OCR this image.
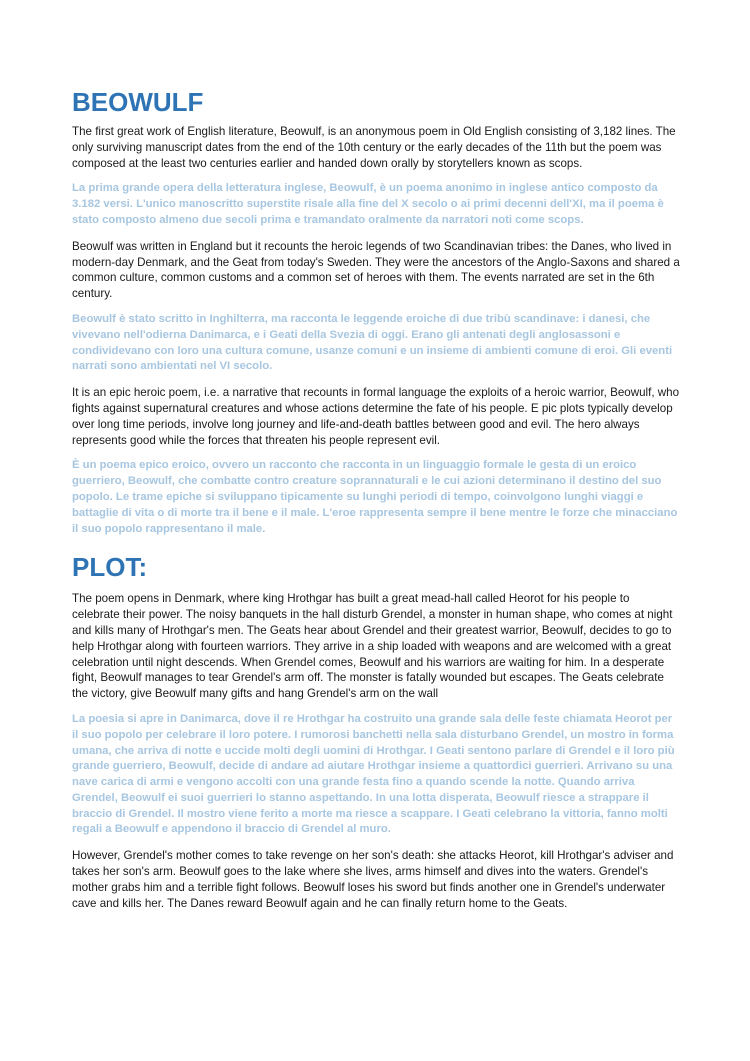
BEOWULF

The first great work of English literature, Beowulf, is an anonymous poem in Old English consisting of 3,182 lines. The only surviving manuscript dates from the end of the 10th century or the early decades of the 11th but the poem was composed at the least two centuries earlier and handed down orally by storytellers known as scops.

La prima grande opera della letteratura inglese, Beowulf, è un poema anonimo in inglese antico composto da 3.182 versi. L'unico manoscritto superstite risale alla fine del X secolo o ai primi decenni dell'XI, ma il poema è stato composto almeno due secoli prima e tramandato oralmente da narratori noti come scops.

Beowulf was written in England but it recounts the heroic legends of two Scandinavian tribes: the Danes, who lived in modern-day Denmark, and the Geat from today's Sweden. They were the ancestors of the Anglo-Saxons and shared a common culture, common customs and a common set of heroes with them. The events narrated are set in the 6th century.

Beowulf è stato scritto in Inghilterra, ma racconta le leggende eroiche di due tribù scandinave: i danesi, che vivevano nell'odierna Danimarca, e i Geati della Svezia di oggi. Erano gli antenati degli anglosassoni e condividevano con loro una cultura comune, usanze comuni e un insieme di ambienti comune di eroi. Gli eventi narrati sono ambientati nel VI secolo.

It is an epic heroic poem, i.e. a narrative that recounts in formal language the exploits of a heroic warrior, Beowulf, who fights against supernatural creatures and whose actions determine the fate of his people. E pic plots typically develop over long time periods, involve long journey and life-and-death battles between good and evil. The hero always represents good while the forces that threaten his people represent evil.

È un poema epico eroico, ovvero un racconto che racconta in un linguaggio formale le gesta di un eroico guerriero, Beowulf, che combatte contro creature soprannaturali e le cui azioni determinano il destino del suo popolo. Le trame epiche si sviluppano tipicamente su lunghi periodi di tempo, coinvolgono lunghi viaggi e battaglie di vita o di morte tra il bene e il male. L'eroe rappresenta sempre il bene mentre le forze che minacciano il suo popolo rappresentano il male.

PLOT:

The poem opens in Denmark, where king Hrothgar has built a great mead-hall called Heorot for his people to celebrate their power. The noisy banquets in the hall disturb Grendel, a monster in human shape, who comes at night and kills many of Hrothgar's men. The Geats hear about Grendel and their greatest warrior, Beowulf, decides to go to help Hrothgar along with fourteen warriors. They arrive in a ship loaded with weapons and are welcomed with a great celebration until night descends. When Grendel comes, Beowulf and his warriors are waiting for him. In a desperate fight, Beowulf manages to tear Grendel's arm off. The monster is fatally wounded but escapes. The Geats celebrate the victory, give Beowulf many gifts and hang Grendel's arm on the wall

La poesia si apre in Danimarca, dove il re Hrothgar ha costruito una grande sala delle feste chiamata Heorot per il suo popolo per celebrare il loro potere. I rumorosi banchetti nella sala disturbano Grendel, un mostro in forma umana, che arriva di notte e uccide molti degli uomini di Hrothgar. I Geati sentono parlare di Grendel e il loro più grande guerriero, Beowulf, decide di andare ad aiutare Hrothgar insieme a quattordici guerrieri. Arrivano su una nave carica di armi e vengono accolti con una grande festa fino a quando scende la notte. Quando arriva Grendel, Beowulf ei suoi guerrieri lo stanno aspettando. In una lotta disperata, Beowulf riesce a strappare il braccio di Grendel. Il mostro viene ferito a morte ma riesce a scappare. I Geati celebrano la vittoria, fanno molti regali a Beowulf e appendono il braccio di Grendel al muro.

However, Grendel's mother comes to take revenge on her son's death: she attacks Heorot, kill Hrothgar's adviser and takes her son's arm. Beowulf goes to the lake where she lives, arms himself and dives into the waters. Grendel's mother grabs him and a terrible fight follows. Beowulf loses his sword but finds another one in Grendel's underwater cave and kills her. The Danes reward Beowulf again and he can finally return home to the Geats.
